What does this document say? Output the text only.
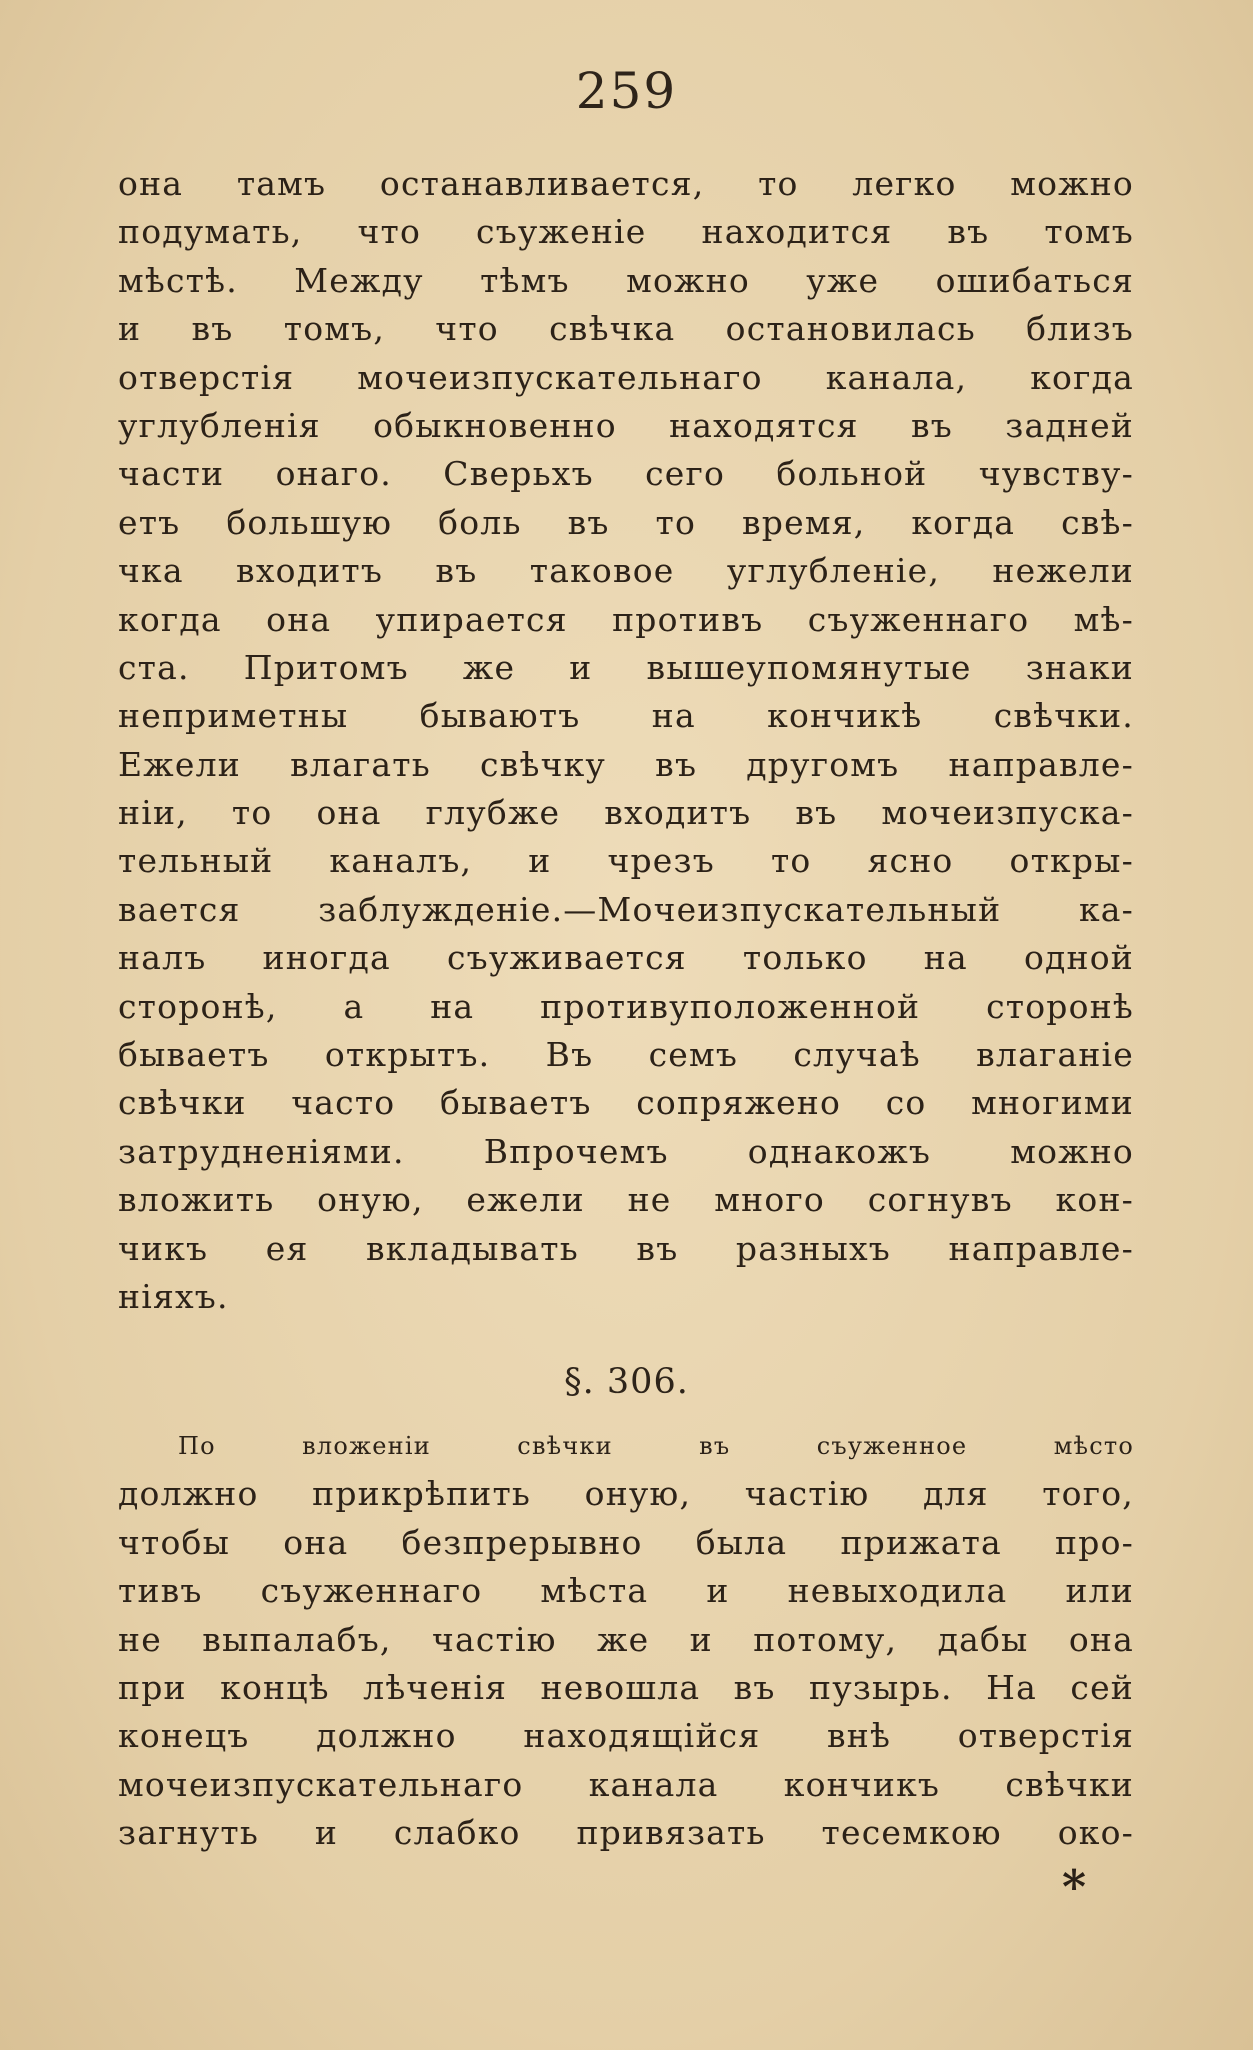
259
она тамъ останавливается, то легко можно
подумать, что съуженіе находится въ томъ
мѣстѣ. Между тѣмъ можно уже ошибаться
и въ томъ, что свѣчка остановилась близъ
отверстія мочеизпускательнаго канала, когда
углубленія обыкновенно находятся въ задней
части онаго. Сверьхъ сего больной чувству-
етъ большую боль въ то время, когда свѣ-
чка входитъ въ таковое углубленіе, нежели
когда она упирается противъ съуженнаго мѣ-
ста. Притомъ же и вышеупомянутые знаки
неприметны бываютъ на кончикѣ свѣчки.
Ежели влагать свѣчку въ другомъ направле-
ніи, то она глубже входитъ въ мочеизпуска-
тельный каналъ, и чрезъ то ясно откры-
вается заблужденіе.—Мочеизпускательный ка-
налъ иногда съуживается только на одной
сторонѣ, а на противуположенной сторонѣ
бываетъ открытъ. Въ семъ случаѣ влаганіе
свѣчки часто бываетъ сопряжено со многими
затрудненіями. Впрочемъ однакожъ можно
вложить оную, ежели не много согнувъ кон-
чикъ ея вкладывать въ разныхъ направле-
ніяхъ.
§. 306.
По вложеніи свѣчки въ съуженное мѣсто
должно прикрѣпить оную, частію для того,
чтобы она безпрерывно была прижата про-
тивъ съуженнаго мѣста и невыходила или
не выпалабъ, частію же и потому, дабы она
при концѣ лѣченія невошла въ пузырь. На сей
конецъ должно находящійся внѣ отверстія
мочеизпускательнаго канала кончикъ свѣчки
загнуть и слабко привязать тесемкою око-
*
